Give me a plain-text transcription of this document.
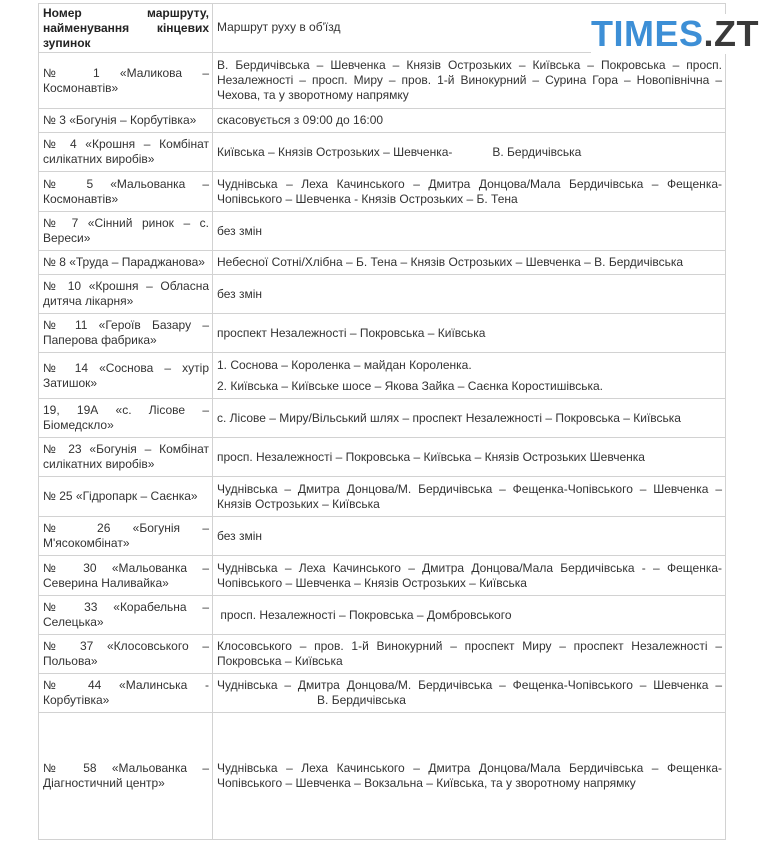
TIMES .ZT
Номер маршруту,
найменування кінцевих
зупинок	Маршрут руху в об'їзд

№ 1 «Маликова –
Космонавтів»	В. Бердичівська – Шевченка – Князів Острозьких – Київська – Покровська – просп.
Незалежності – просп. Миру – пров. 1-й Винокурний – Сурина Гора – Новопівнічна –
Чехова, та у зворотному напрямку

№ 3 «Богунія – Корбутівка»	скасовується з 09:00 до 16:00

№ 4 «Крошня – Комбінат
силікатних виробів»	Київська – Князів Острозьких – Шевченка-            В. Бердичівська

№ 5 «Мальованка –
Космонавтів»	Чуднівська – Леха Качинського – Дмитра Донцова/Мала Бердичівська – Фещенка-
Чопівського – Шевченка - Князів Острозьких – Б. Тена

№ 7 «Сінний ринок – с.
Вереси»	без змін

№ 8 «Труда – Параджанова»	Небесної Сотні/Хлібна – Б. Тена – Князів Острозьких – Шевченка – В. Бердичівська

№ 10 «Крошня – Обласна
дитяча лікарня»	без змін

№ 11 «Героїв Базару –
Паперова фабрика»	проспект Незалежності – Покровська – Київська

№ 14 «Соснова – хутір
Затишок»	1. Соснова – Короленка – майдан Короленка.
2. Київська – Київське шосе – Якова Зайка – Саєнка Коростишівська.

19, 19А «с. Лісове –
Біомедскло»	с. Лісове – Миру/Вільський шлях – проспект Незалежності – Покровська – Київська

№ 23 «Богунія – Комбінат
силікатних виробів»	просп. Незалежності – Покровська – Київська – Князів Острозьких Шевченка

№ 25 «Гідропарк – Саєнка»	Чуднівська – Дмитра Донцова/М. Бердичівська – Фещенка-Чопівського – Шевченка –
Князів Острозьких – Київська

№ 26 «Богунія –
М'ясокомбінат»	без змін

№ 30 «Мальованка –
Северина Наливайка»	Чуднівська – Леха Качинського – Дмитра Донцова/Мала Бердичівська - – Фещенка-
Чопівського – Шевченка – Князів Острозьких – Київська

№ 33 «Корабельна –
Селецька»	просп. Незалежності – Покровська – Домбровського

№ 37 «Клосовського –
Польова»	Клосовського – пров. 1-й Винокурний – проспект Миру – проспект Незалежності –
Покровська – Київська

№ 44 «Малинська -
Корбутівка»	Чуднівська – Дмитра Донцова/М. Бердичівська – Фещенка-Чопівського – Шевченка –
В. Бердичівська

№ 58 «Мальованка –
Діагностичний центр»	Чуднівська – Леха Качинського – Дмитра Донцова/Мала Бердичівська – Фещенка-
Чопівського – Шевченка – Вокзальна – Київська, та у зворотному напрямку
